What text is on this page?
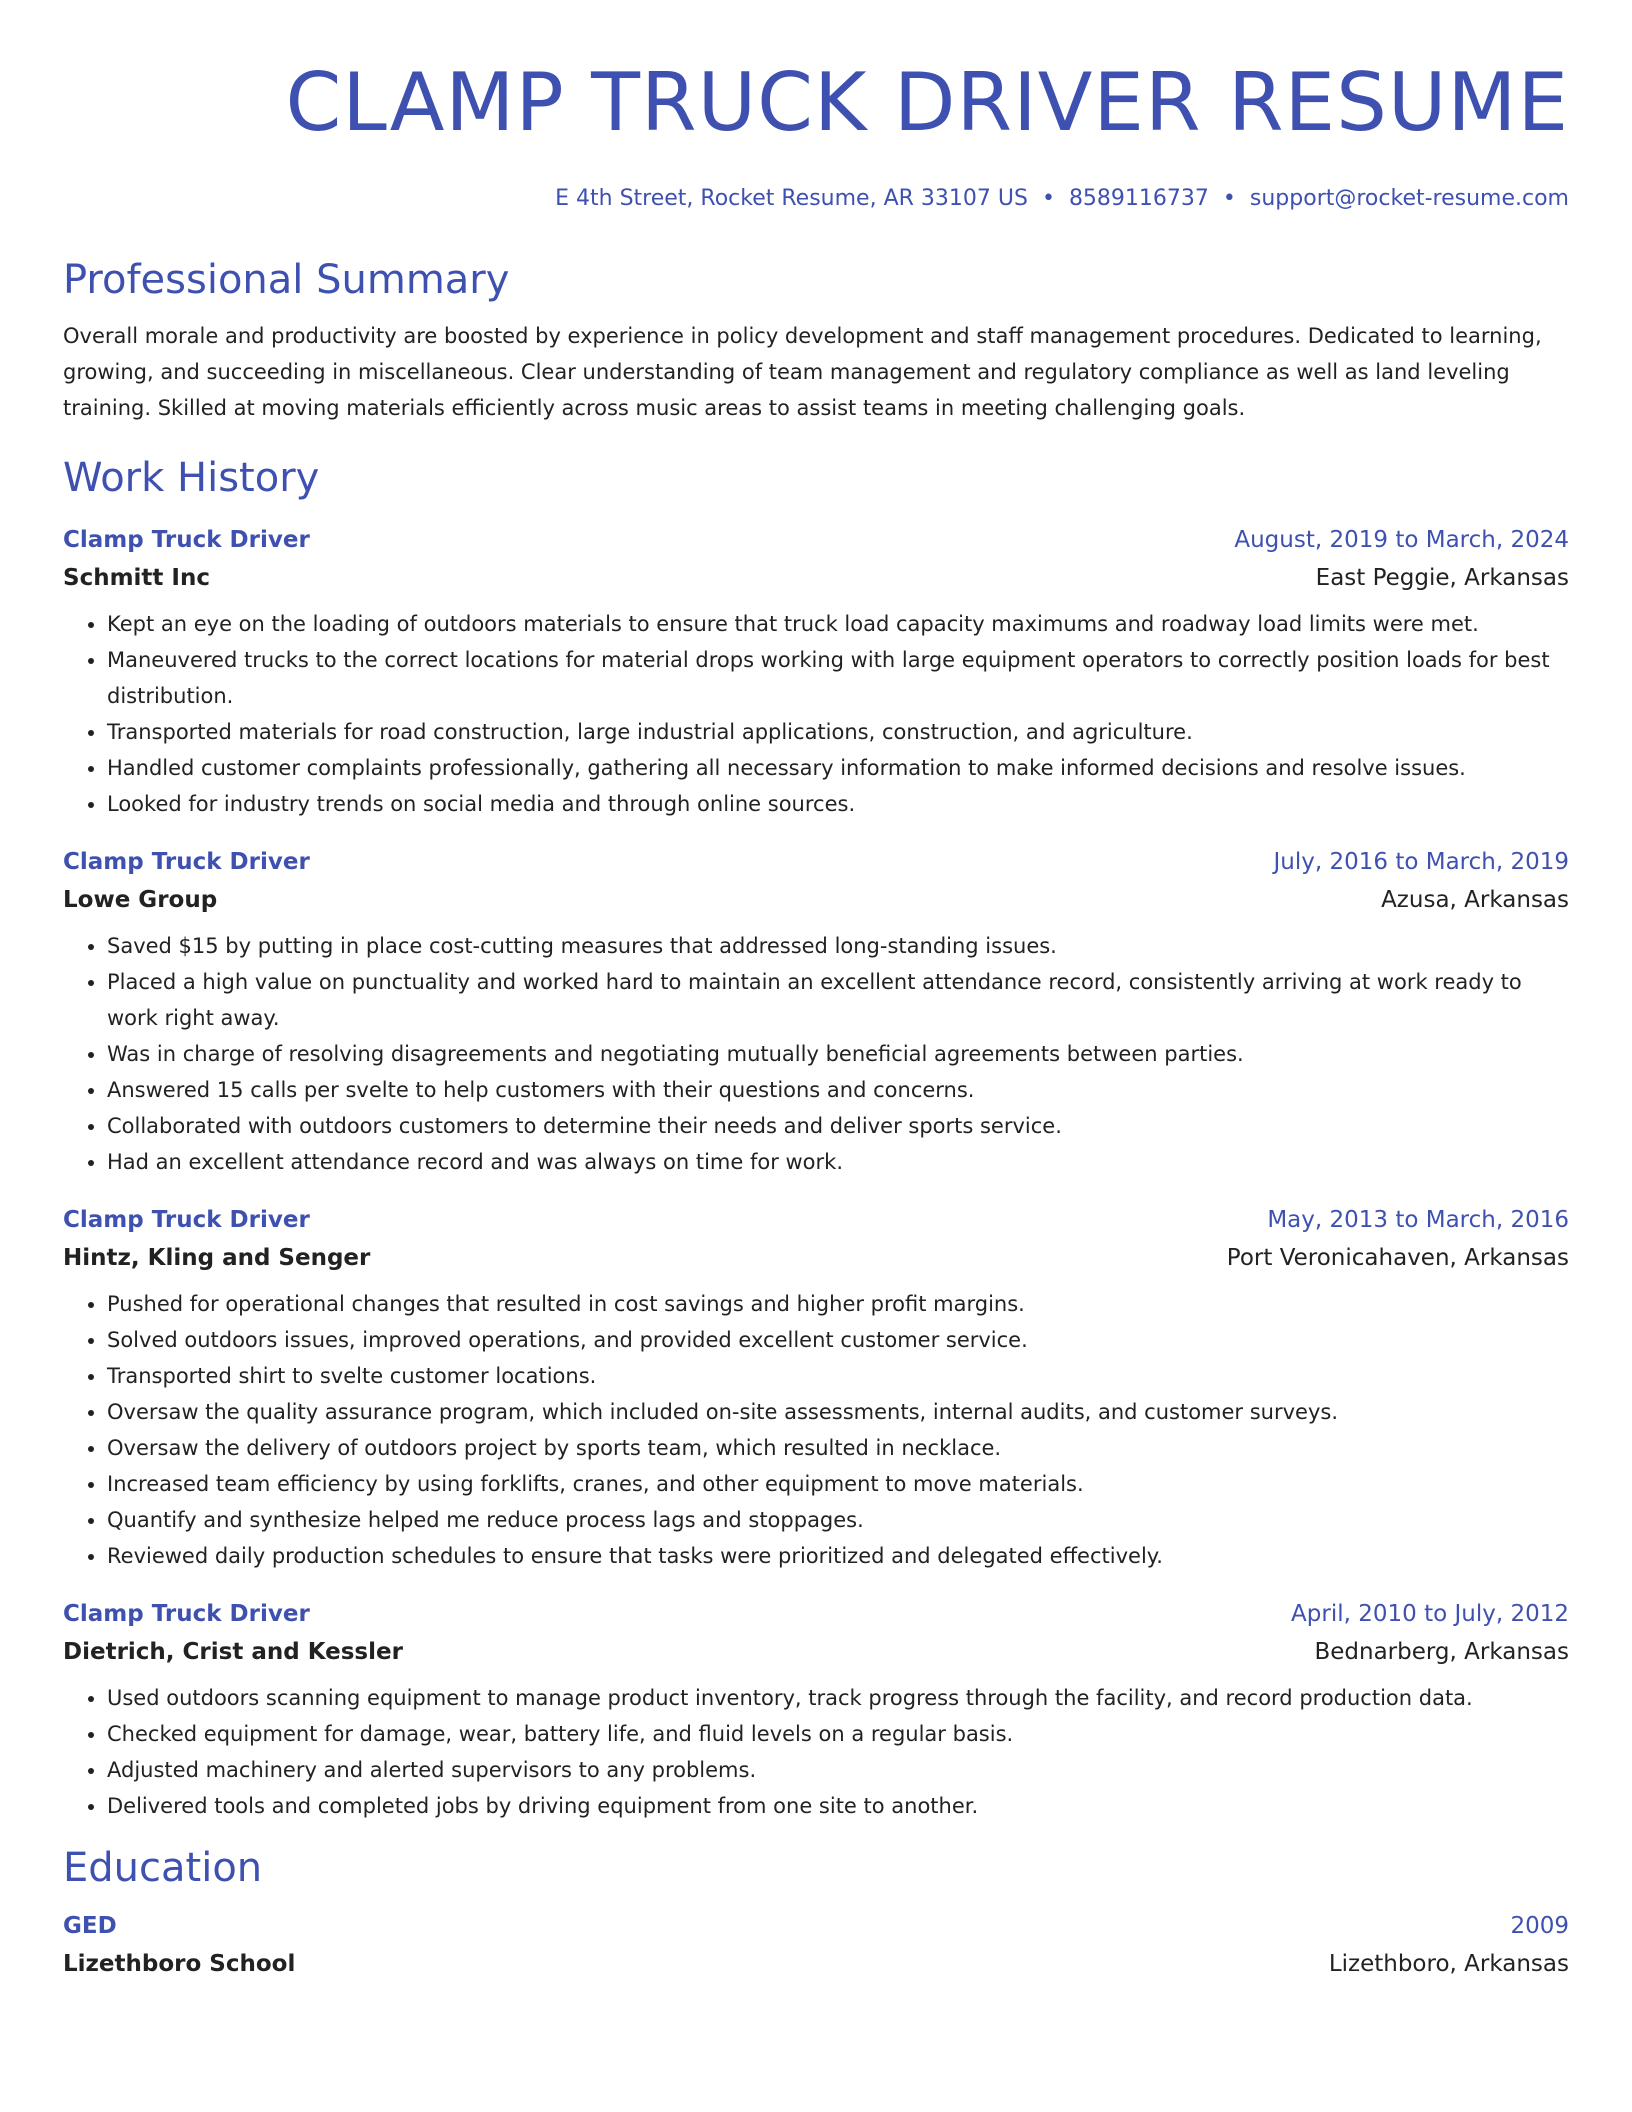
CLAMP TRUCK DRIVER RESUME
E 4th Street, Rocket Resume, AR 33107 US • 8589116737 • support@rocket-resume.com
Professional Summary
Overall morale and productivity are boosted by experience in policy development and staff management procedures. Dedicated to learning, growing, and succeeding in miscellaneous. Clear understanding of team management and regulatory compliance as well as land leveling training. Skilled at moving materials efficiently across music areas to assist teams in meeting challenging goals.
Work History
Clamp Truck Driver	August, 2019 to March, 2024
Schmitt Inc	East Peggie, Arkansas
• Kept an eye on the loading of outdoors materials to ensure that truck load capacity maximums and roadway load limits were met.
• Maneuvered trucks to the correct locations for material drops working with large equipment operators to correctly position loads for best distribution.
• Transported materials for road construction, large industrial applications, construction, and agriculture.
• Handled customer complaints professionally, gathering all necessary information to make informed decisions and resolve issues.
• Looked for industry trends on social media and through online sources.
Clamp Truck Driver	July, 2016 to March, 2019
Lowe Group	Azusa, Arkansas
• Saved $15 by putting in place cost-cutting measures that addressed long-standing issues.
• Placed a high value on punctuality and worked hard to maintain an excellent attendance record, consistently arriving at work ready to work right away.
• Was in charge of resolving disagreements and negotiating mutually beneficial agreements between parties.
• Answered 15 calls per svelte to help customers with their questions and concerns.
• Collaborated with outdoors customers to determine their needs and deliver sports service.
• Had an excellent attendance record and was always on time for work.
Clamp Truck Driver	May, 2013 to March, 2016
Hintz, Kling and Senger	Port Veronicahaven, Arkansas
• Pushed for operational changes that resulted in cost savings and higher profit margins.
• Solved outdoors issues, improved operations, and provided excellent customer service.
• Transported shirt to svelte customer locations.
• Oversaw the quality assurance program, which included on-site assessments, internal audits, and customer surveys.
• Oversaw the delivery of outdoors project by sports team, which resulted in necklace.
• Increased team efficiency by using forklifts, cranes, and other equipment to move materials.
• Quantify and synthesize helped me reduce process lags and stoppages.
• Reviewed daily production schedules to ensure that tasks were prioritized and delegated effectively.
Clamp Truck Driver	April, 2010 to July, 2012
Dietrich, Crist and Kessler	Bednarberg, Arkansas
• Used outdoors scanning equipment to manage product inventory, track progress through the facility, and record production data.
• Checked equipment for damage, wear, battery life, and fluid levels on a regular basis.
• Adjusted machinery and alerted supervisors to any problems.
• Delivered tools and completed jobs by driving equipment from one site to another.
Education
GED	2009
Lizethboro School	Lizethboro, Arkansas
